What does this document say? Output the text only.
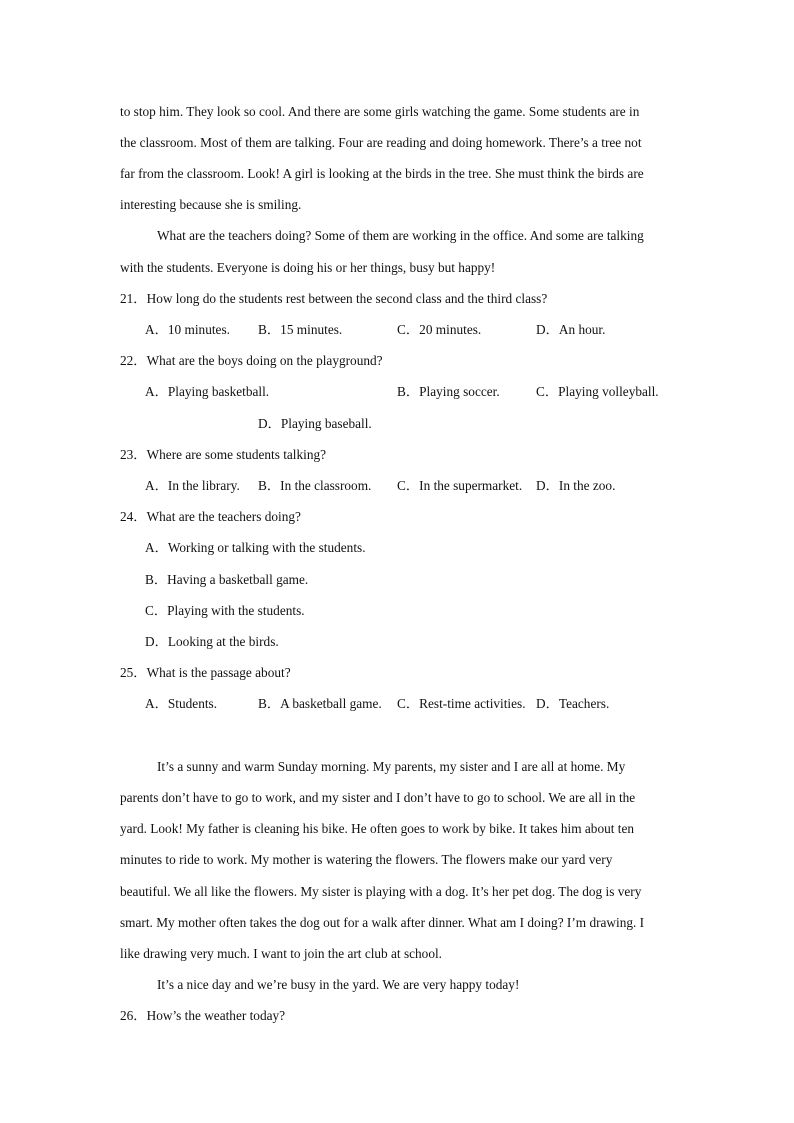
to stop him. They look so cool. And there are some girls watching the game. Some students are in
the classroom. Most of them are talking. Four are reading and doing homework. There’s a tree not
far from the classroom. Look! A girl is looking at the birds in the tree. She must think the birds are
interesting because she is smiling.
What are the teachers doing? Some of them are working in the office. And some are talking
with the students. Everyone is doing his or her things, busy but happy!
21．How long do the students rest between the second class and the third class?
A．10 minutes. B．15 minutes.	C．20 minutes.	D．An hour.
22．What are the boys doing on the playground?
A．Playing basketball.	B．Playing soccer.	C．Playing volleyball.
D．Playing baseball.
23．Where are some students talking?
A．In the library. B．In the classroom. C．In the supermarket. D．In the zoo.
24．What are the teachers doing?
A．Working or talking with the students.
B．Having a basketball game.
C．Playing with the students.
D．Looking at the birds.
25．What is the passage about?
A．Students.	B．A basketball game. C．Rest-time activities. D．Teachers.
It’s a sunny and warm Sunday morning. My parents, my sister and I are all at home. My
parents don’t have to go to work, and my sister and I don’t have to go to school. We are all in the
yard. Look! My father is cleaning his bike. He often goes to work by bike. It takes him about ten
minutes to ride to work. My mother is watering the flowers. The flowers make our yard very
beautiful. We all like the flowers. My sister is playing with a dog. It’s her pet dog. The dog is very
smart. My mother often takes the dog out for a walk after dinner. What am I doing? I’m drawing. I
like drawing very much. I want to join the art club at school.
It’s a nice day and we’re busy in the yard. We are very happy today!
26．How’s the weather today?
